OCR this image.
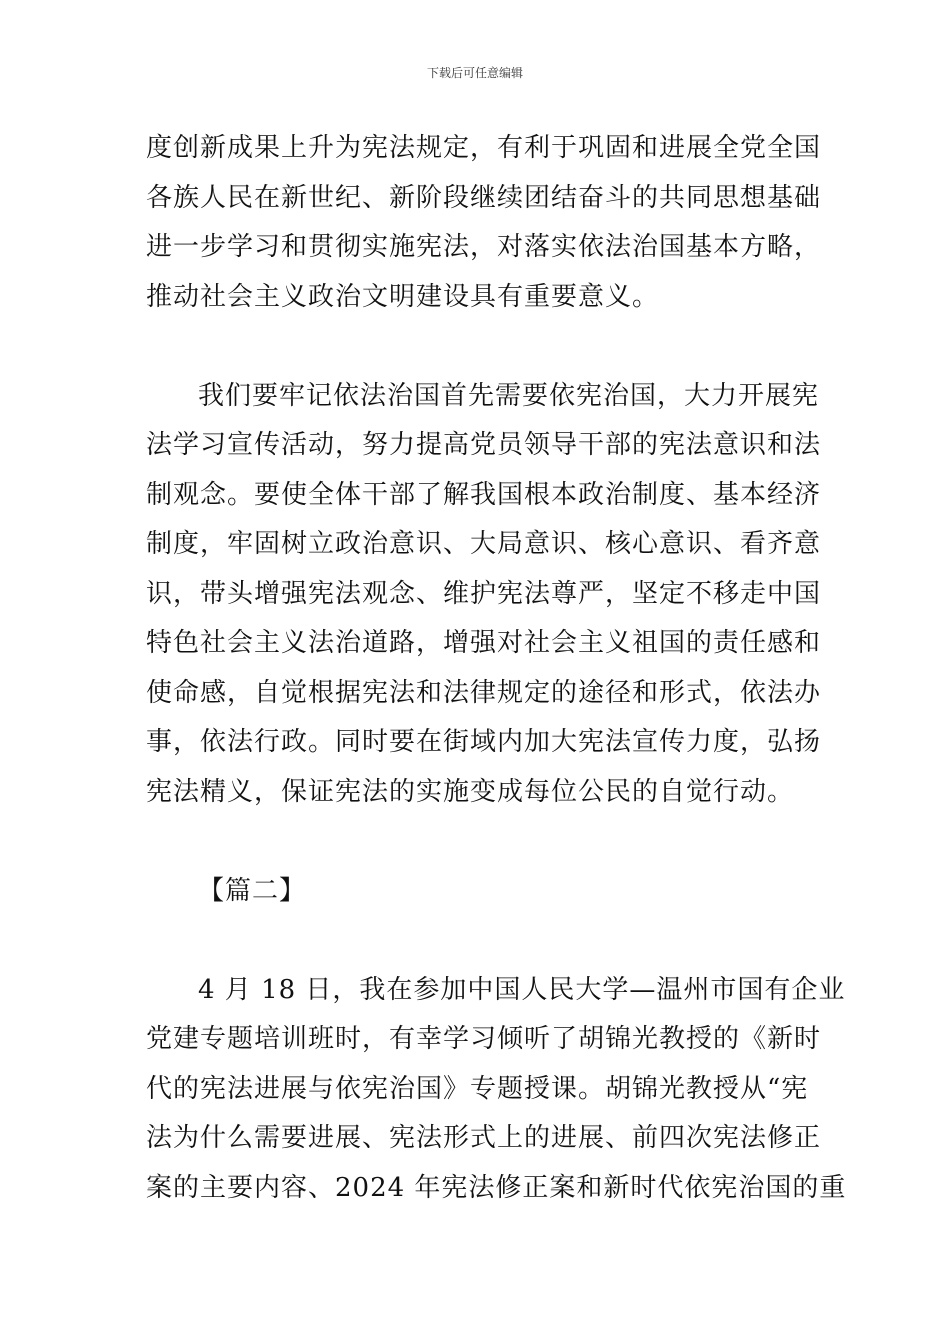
下载后可任意编辑
度创新成果上升为宪法规定，有利于巩固和进展全党全国
各族人民在新世纪、新阶段继续团结奋斗的共同思想基础
进一步学习和贯彻实施宪法，对落实依法治国基本方略，
推动社会主义政治文明建设具有重要意义。
我们要牢记依法治国首先需要依宪治国，大力开展宪
法学习宣传活动，努力提高党员领导干部的宪法意识和法
制观念。要使全体干部了解我国根本政治制度、基本经济
制度，牢固树立政治意识、大局意识、核心意识、看齐意
识，带头增强宪法观念、维护宪法尊严，坚定不移走中国
特色社会主义法治道路，增强对社会主义祖国的责任感和
使命感，自觉根据宪法和法律规定的途径和形式，依法办
事，依法行政。同时要在街域内加大宪法宣传力度，弘扬
宪法精义，保证宪法的实施变成每位公民的自觉行动。
【篇二】
4 月 18 日，我在参加中国人民大学—温州市国有企业
党建专题培训班时，有幸学习倾听了胡锦光教授的《新时
代的宪法进展与依宪治国》专题授课。胡锦光教授从“宪
法为什么需要进展、宪法形式上的进展、前四次宪法修正
案的主要内容、2024 年宪法修正案和新时代依宪治国的重
